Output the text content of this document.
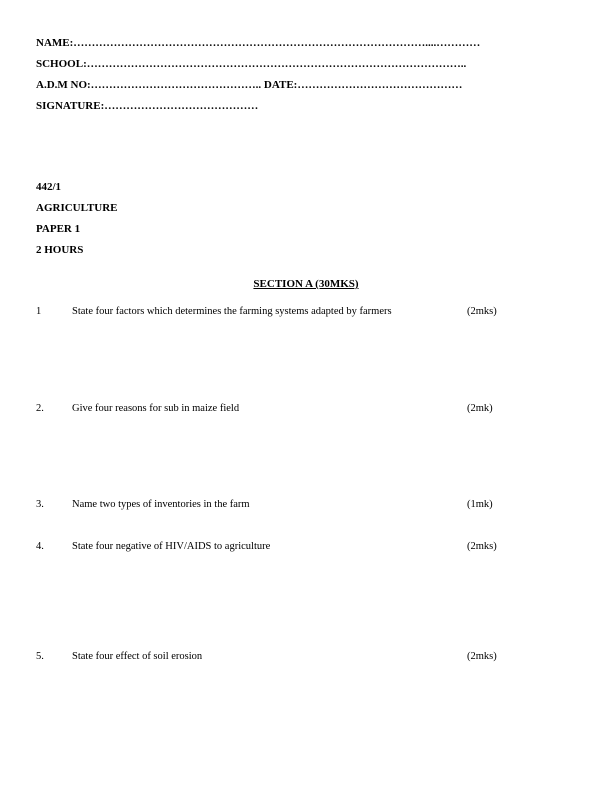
NAME:……………………………………………………………………………………....…………
SCHOOL:…………………………………………………………………………………………..
A.D.M NO:……………………………………….. DATE:………………………………………
SIGNATURE:……………………………………
442/1
AGRICULTURE
PAPER 1
2 HOURS
SECTION A (30MKS)
1	State four factors which determines the farming systems adapted by farmers	(2mks)
2.	Give four reasons for sub in maize field	(2mk)
3.	Name two types of inventories in the farm	(1mk)
4.	State four negative of HIV/AIDS to agriculture	(2mks)
5.	State four effect of soil erosion	(2mks)
